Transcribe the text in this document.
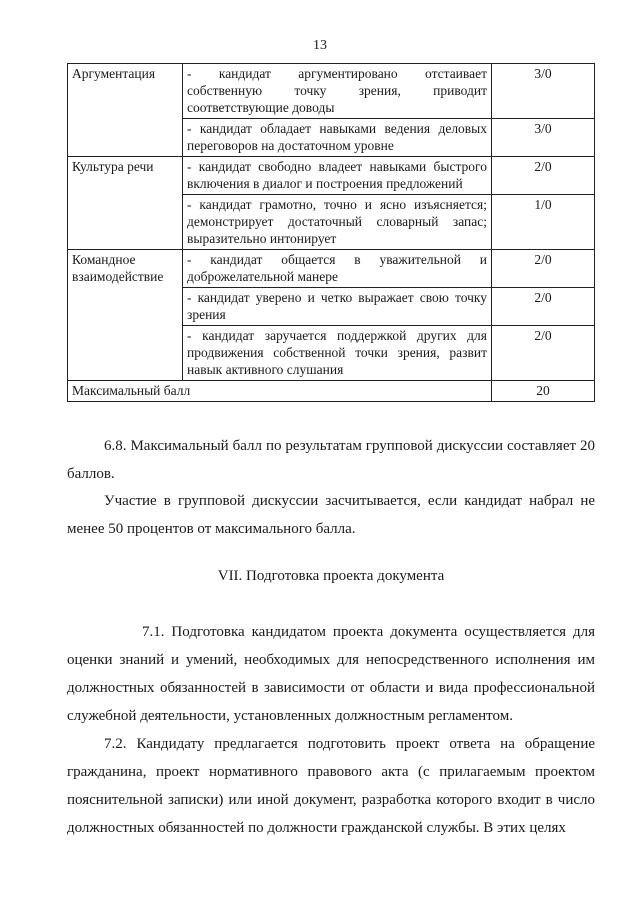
13
Аргументация	- кандидат аргументировано отстаивает собственную точку зрения, приводит соответствующие доводы	3/0
	- кандидат обладает навыками ведения деловых переговоров на достаточном уровне	3/0
Культура речи	- кандидат свободно владеет навыками быстрого включения в диалог и построения предложений	2/0
	- кандидат грамотно, точно и ясно изъясняется; демонстрирует достаточный словарный запас; выразительно интонирует	1/0
Командное взаимодействие	- кандидат общается в уважительной и доброжелательной манере	2/0
	- кандидат уверено и четко выражает свою точку зрения	2/0
	- кандидат заручается поддержкой других для продвижения собственной точки зрения, развит навык активного слушания	2/0
Максимальный балл		20

6.8. Максимальный балл по результатам групповой дискуссии составляет 20 баллов.

Участие в групповой дискуссии засчитывается, если кандидат набрал не менее 50 процентов от максимального балла.

VII. Подготовка проекта документа

7.1. Подготовка кандидатом проекта документа осуществляется для оценки знаний и умений, необходимых для непосредственного исполнения им должностных обязанностей в зависимости от области и вида профессиональной служебной деятельности, установленных должностным регламентом.

7.2. Кандидату предлагается подготовить проект ответа на обращение гражданина, проект нормативного правового акта (с прилагаемым проектом пояснительной записки) или иной документ, разработка которого входит в число должностных обязанностей по должности гражданской службы. В этих целях
